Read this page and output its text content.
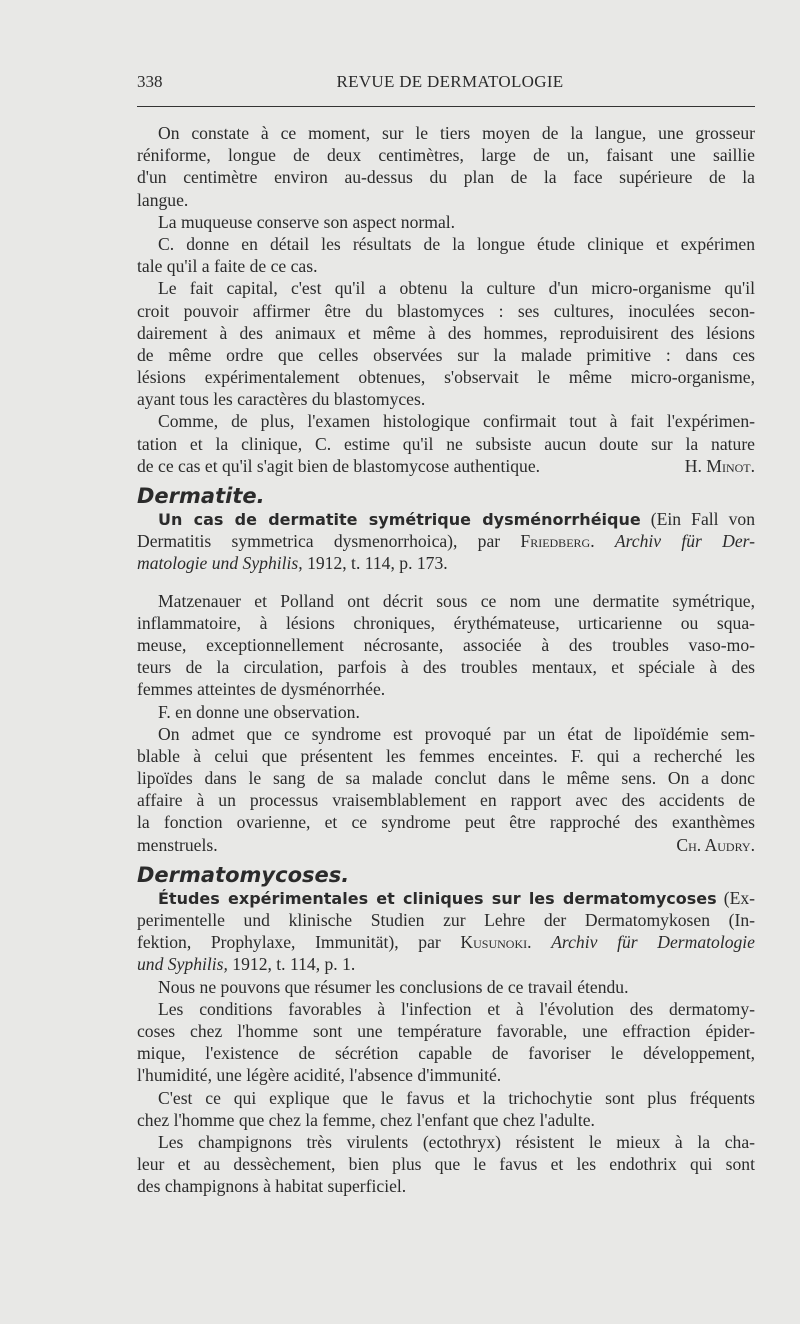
338	REVUE DE DERMATOLOGIE
On constate à ce moment, sur le tiers moyen de la langue, une grosseur
réniforme, longue de deux centimètres, large de un, faisant une saillie
d'un centimètre environ au-dessus du plan de la face supérieure de la
langue.
La muqueuse conserve son aspect normal.
C. donne en détail les résultats de la longue étude clinique et expérimen
tale qu'il a faite de ce cas.
Le fait capital, c'est qu'il a obtenu la culture d'un micro-organisme qu'il
croit pouvoir affirmer être du blastomyces : ses cultures, inoculées secon-
dairement à des animaux et même à des hommes, reproduisirent des lésions
de même ordre que celles observées sur la malade primitive : dans ces
lésions expérimentalement obtenues, s'observait le même micro-organisme,
ayant tous les caractères du blastomyces.
Comme, de plus, l'examen histologique confirmait tout à fait l'expérimen-
tation et la clinique, C. estime qu'il ne subsiste aucun doute sur la nature
de ce cas et qu'il s'agit bien de blastomycose authentique.	H. Minot.
Dermatite.
Un cas de dermatite symétrique dysménorrhéique (Ein Fall von
Dermatitis symmetrica dysmenorrhoica), par Friedberg. Archiv für Der-
matologie und Syphilis, 1912, t. 114, p. 173.
Matzenauer et Polland ont décrit sous ce nom une dermatite symétrique,
inflammatoire, à lésions chroniques, érythémateuse, urticarienne ou squa-
meuse, exceptionnellement nécrosante, associée à des troubles vaso-mo-
teurs de la circulation, parfois à des troubles mentaux, et spéciale à des
femmes atteintes de dysménorrhée.
F. en donne une observation.
On admet que ce syndrome est provoqué par un état de lipoïdémie sem-
blable à celui que présentent les femmes enceintes. F. qui a recherché les
lipoïdes dans le sang de sa malade conclut dans le même sens. On a donc
affaire à un processus vraisemblablement en rapport avec des accidents de
la fonction ovarienne, et ce syndrome peut être rapproché des exanthèmes
menstruels.	Ch. Audry.
Dermatomycoses.
Études expérimentales et cliniques sur les dermatomycoses (Ex-
perimentelle und klinische Studien zur Lehre der Dermatomykosen (In-
fektion, Prophylaxe, Immunität), par Kusunoki. Archiv für Dermatologie
und Syphilis, 1912, t. 114, p. 1.
Nous ne pouvons que résumer les conclusions de ce travail étendu.
Les conditions favorables à l'infection et à l'évolution des dermatomy-
coses chez l'homme sont une température favorable, une effraction épider-
mique, l'existence de sécrétion capable de favoriser le développement,
l'humidité, une légère acidité, l'absence d'immunité.
C'est ce qui explique que le favus et la trichochytie sont plus fréquents
chez l'homme que chez la femme, chez l'enfant que chez l'adulte.
Les champignons très virulents (ectothryx) résistent le mieux à la cha-
leur et au dessèchement, bien plus que le favus et les endothrix qui sont
des champignons à habitat superficiel.
